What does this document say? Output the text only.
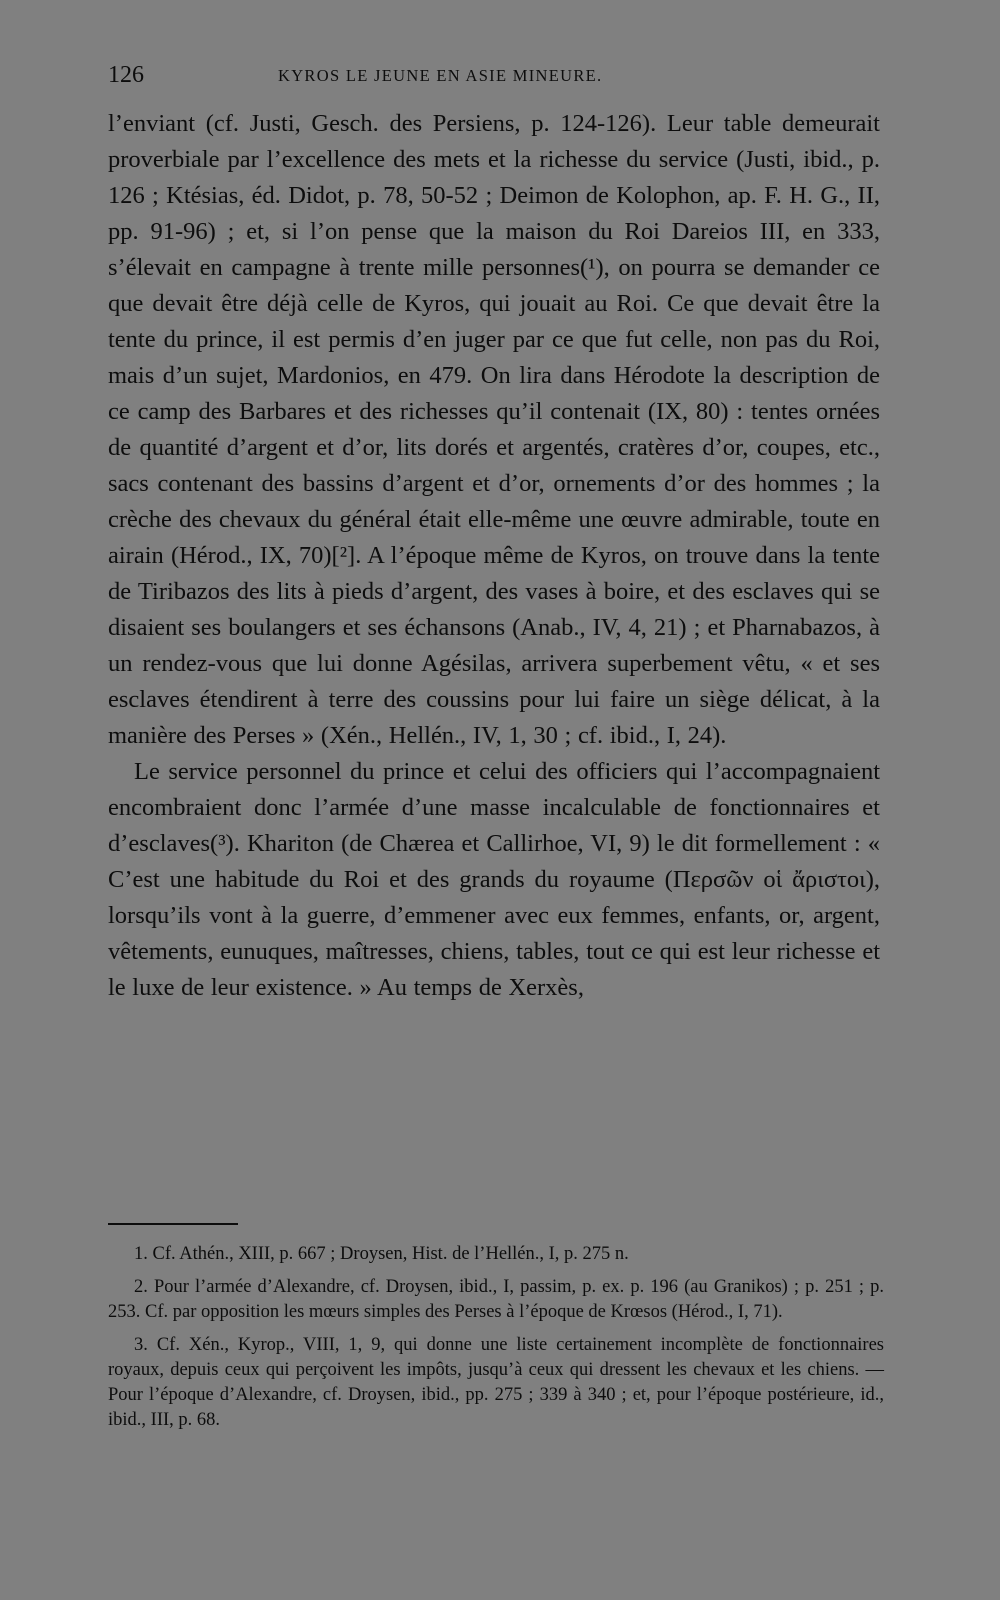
126	KYROS LE JEUNE EN ASIE MINEURE.

l’enviant (cf. Justi, Gesch. des Persiens, p. 124-126). Leur table demeurait proverbiale par l’excellence des mets et la richesse du service (Justi, ibid., p. 126 ; Ktésias, éd. Didot, p. 78, 50-52 ; Deimon de Kolophon, ap. F. H. G., II, pp. 91-96) ; et, si l’on pense que la maison du Roi Dareios III, en 333, s’élevait en campagne à trente mille personnes(¹), on pourra se demander ce que devait être déjà celle de Kyros, qui jouait au Roi. Ce que devait être la tente du prince, il est permis d’en juger par ce que fut celle, non pas du Roi, mais d’un sujet, Mardonios, en 479. On lira dans Hérodote la description de ce camp des Barbares et des richesses qu’il contenait (IX, 80) : tentes ornées de quantité d’argent et d’or, lits dorés et argentés, cratères d’or, coupes, etc., sacs contenant des bassins d’argent et d’or, ornements d’or des hommes ; la crèche des chevaux du général était elle-même une œuvre admirable, toute en airain (Hérod., IX, 70)[²]. A l’époque même de Kyros, on trouve dans la tente de Tiribazos des lits à pieds d’argent, des vases à boire, et des esclaves qui se disaient ses boulangers et ses échansons (Anab., IV, 4, 21) ; et Pharnabazos, à un rendez-vous que lui donne Agésilas, arrivera superbement vêtu, « et ses esclaves étendirent à terre des coussins pour lui faire un siège délicat, à la manière des Perses » (Xén., Hellén., IV, 1, 30 ; cf. ibid., I, 24).

Le service personnel du prince et celui des officiers qui l’accompagnaient encombraient donc l’armée d’une masse incalculable de fonctionnaires et d’esclaves(³). Khariton (de Chærea et Callirhoe, VI, 9) le dit formellement : « C’est une habitude du Roi et des grands du royaume (Περσῶν οἱ ἄριστοι), lorsqu’ils vont à la guerre, d’emmener avec eux femmes, enfants, or, argent, vêtements, eunuques, maîtresses, chiens, tables, tout ce qui est leur richesse et le luxe de leur existence. » Au temps de Xerxès,

1. Cf. Athén., XIII, p. 667 ; Droysen, Hist. de l’Hellén., I, p. 275 n.

2. Pour l’armée d’Alexandre, cf. Droysen, ibid., I, passim, p. ex. p. 196 (au Granikos) ; p. 251 ; p. 253. Cf. par opposition les mœurs simples des Perses à l’époque de Krœsos (Hérod., I, 71).

3. Cf. Xén., Kyrop., VIII, 1, 9, qui donne une liste certainement incomplète de fonctionnaires royaux, depuis ceux qui perçoivent les impôts, jusqu’à ceux qui dressent les chevaux et les chiens. — Pour l’époque d’Alexandre, cf. Droysen, ibid., pp. 275 ; 339 à 340 ; et, pour l’époque postérieure, id., ibid., III, p. 68.
